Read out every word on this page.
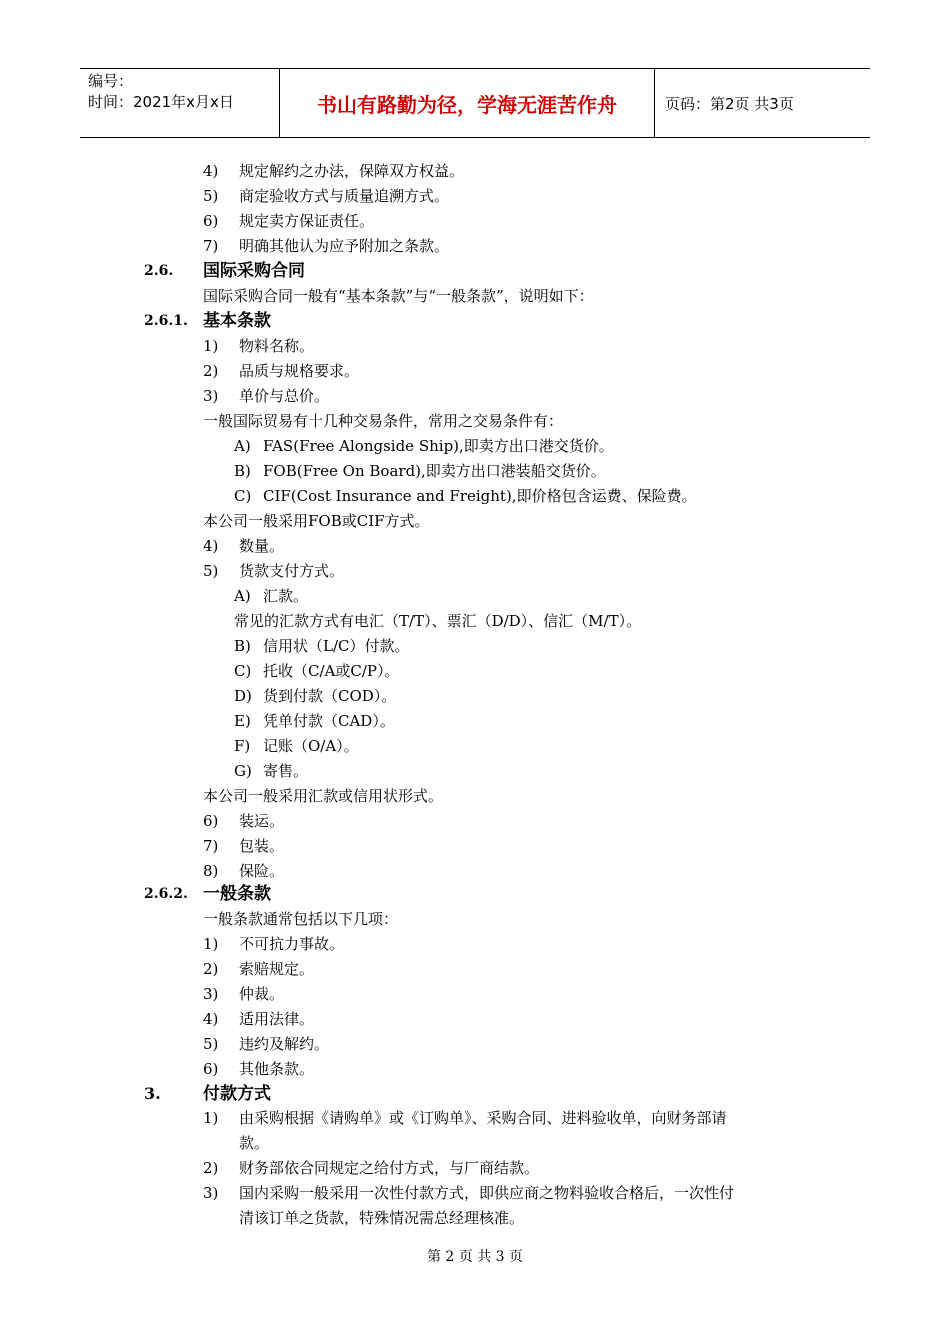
编号：
时间：2021年x月x日	书山有路勤为径，学海无涯苦作舟	页码：第2页 共3页
4) 规定解约之办法，保障双方权益。
5) 商定验收方式与质量追溯方式。
6) 规定卖方保证责任。
7) 明确其他认为应予附加之条款。
2.6. 国际采购合同
国际采购合同一般有“基本条款”与“一般条款”，说明如下：
2.6.1. 基本条款
1) 物料名称。
2) 品质与规格要求。
3) 单价与总价。
一般国际贸易有十几种交易条件，常用之交易条件有：
A) FAS(Free Alongside Ship),即卖方出口港交货价。
B) FOB(Free On Board),即卖方出口港装船交货价。
C) CIF(Cost Insurance and Freight),即价格包含运费、保险费。
本公司一般采用FOB或CIF方式。
4) 数量。
5) 货款支付方式。
A) 汇款。
常见的汇款方式有电汇（T/T）、票汇（D/D）、信汇（M/T）。
B) 信用状（L/C）付款。
C) 托收（C/A或C/P）。
D) 货到付款（COD）。
E) 凭单付款（CAD）。
F) 记账（O/A）。
G) 寄售。
本公司一般采用汇款或信用状形式。
6) 装运。
7) 包装。
8) 保险。
2.6.2. 一般条款
一般条款通常包括以下几项：
1) 不可抗力事故。
2) 索赔规定。
3) 仲裁。
4) 适用法律。
5) 违约及解约。
6) 其他条款。
3. 付款方式
1) 由采购根据《请购单》或《订购单》、采购合同、进料验收单，向财务部请
款。
2) 财务部依合同规定之给付方式，与厂商结款。
3) 国内采购一般采用一次性付款方式，即供应商之物料验收合格后，一次性付
清该订单之货款，特殊情况需总经理核准。
第 2 页 共 3 页
